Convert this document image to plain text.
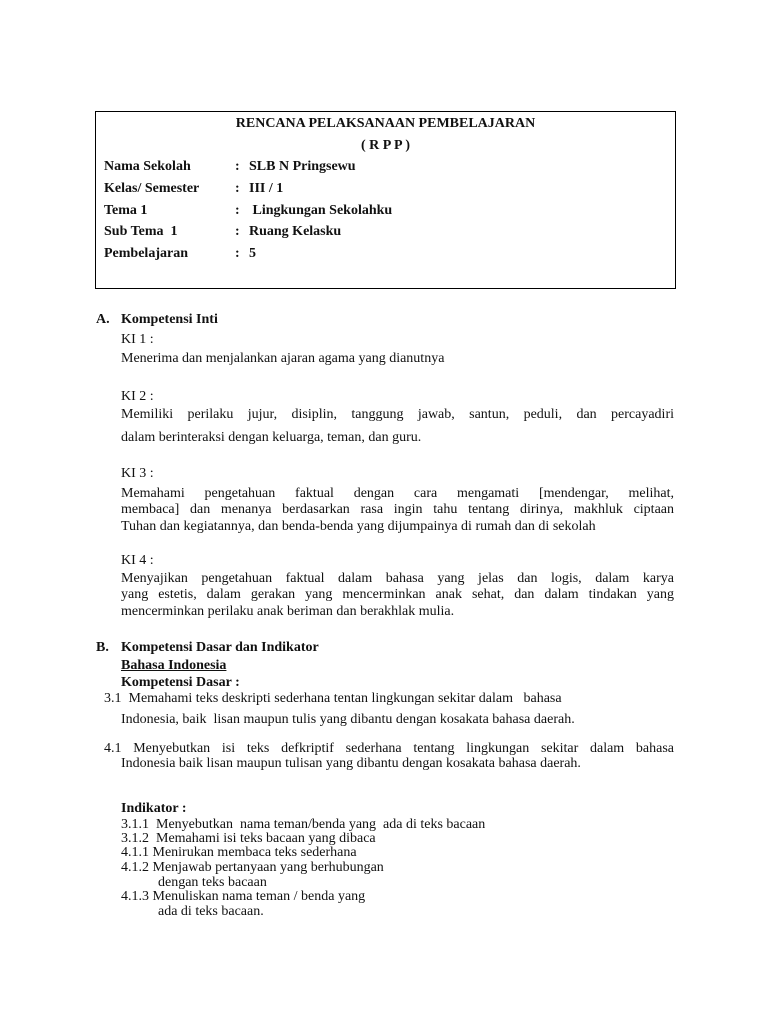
RENCANA PELAKSANAAN PEMBELAJARAN
( R P P )
Nama Sekolah	: SLB N Pringsewu
Kelas/ Semester	: III / 1
Tema 1	: Lingkungan Sekolahku
Sub Tema  1	: Ruang Kelasku
Pembelajaran	: 5
A. Kompetensi Inti
KI 1 :
Menerima dan menjalankan ajaran agama yang dianutnya
KI 2 :
Memiliki perilaku jujur, disiplin, tanggung jawab, santun, peduli, dan percayadiri
dalam berinteraksi dengan keluarga, teman, dan guru.
KI 3 :
Memahami pengetahuan faktual dengan cara mengamati [mendengar, melihat,
membaca] dan menanya berdasarkan rasa ingin tahu tentang dirinya, makhluk ciptaan
Tuhan dan kegiatannya, dan benda-benda yang dijumpainya di rumah dan di sekolah
KI 4 :
Menyajikan pengetahuan faktual dalam bahasa yang jelas dan logis, dalam karya
yang estetis, dalam gerakan yang mencerminkan anak sehat, dan dalam tindakan yang
mencerminkan perilaku anak beriman dan berakhlak mulia.
B. Kompetensi Dasar dan Indikator
Bahasa Indonesia
Kompetensi Dasar :
3.1  Memahami teks deskripti sederhana tentan lingkungan sekitar dalam   bahasa
Indonesia, baik  lisan maupun tulis yang dibantu dengan kosakata bahasa daerah.
4.1 Menyebutkan isi teks defkriptif sederhana tentang lingkungan sekitar dalam bahasa
Indonesia baik lisan maupun tulisan yang dibantu dengan kosakata bahasa daerah.
Indikator :
3.1.1  Menyebutkan  nama teman/benda yang  ada di teks bacaan
3.1.2  Memahami isi teks bacaan yang dibaca
4.1.1 Menirukan membaca teks sederhana
4.1.2 Menjawab pertanyaan yang berhubungan
dengan teks bacaan
4.1.3 Menuliskan nama teman / benda yang
ada di teks bacaan.
